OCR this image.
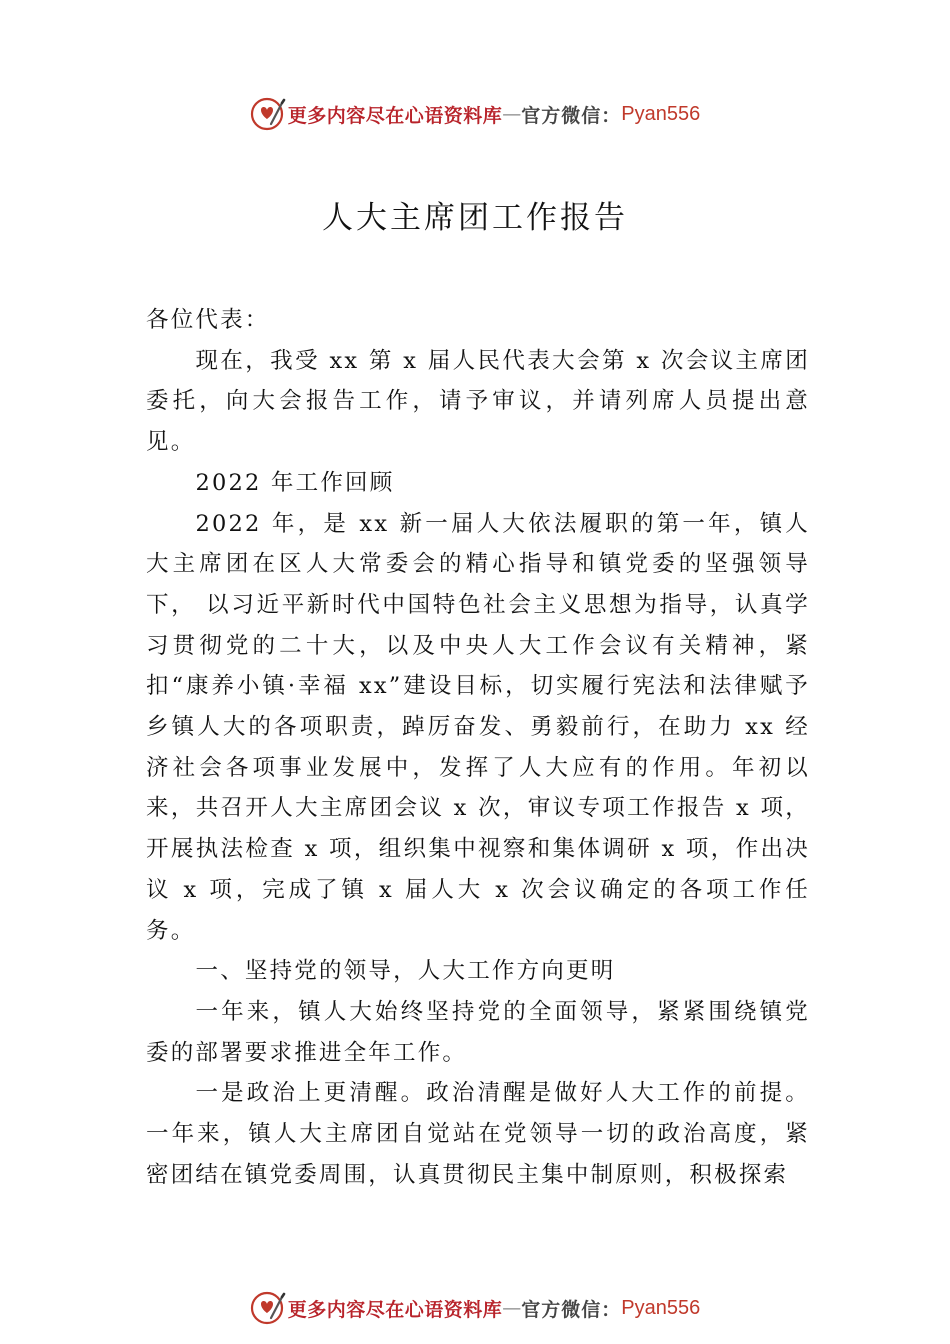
更多内容尽在心语资料库 — 官方微信： Pyan556
人大主席团工作报告

各位代表：

现在，我受 xx 第 x 届人民代表大会第 x 次会议主席团委托，向大会报告工作，请予审议，并请列席人员提出意见。

2022 年工作回顾

2022 年，是 xx 新一届人大依法履职的第一年，镇人大主席团在区人大常委会的精心指导和镇党委的坚强领导下， 以习近平新时代中国特色社会主义思想为指导，认真学习贯彻党的二十大，以及中央人大工作会议有关精神，紧扣“康养小镇·幸福 xx”建设目标，切实履行宪法和法律赋予乡镇人大的各项职责，踔厉奋发、勇毅前行，在助力 xx 经济社会各项事业发展中，发挥了人大应有的作用。年初以来，共召开人大主席团会议 x 次，审议专项工作报告 x 项，开展执法检查 x 项，组织集中视察和集体调研 x 项，作出决议 x 项，完成了镇 x 届人大 x 次会议确定的各项工作任务。

一、坚持党的领导，人大工作方向更明

一年来，镇人大始终坚持党的全面领导，紧紧围绕镇党委的部署要求推进全年工作。

一是政治上更清醒。政治清醒是做好人大工作的前提。一年来，镇人大主席团自觉站在党领导一切的政治高度，紧密团结在镇党委周围，认真贯彻民主集中制原则，积极探索

更多内容尽在心语资料库 — 官方微信： Pyan556
